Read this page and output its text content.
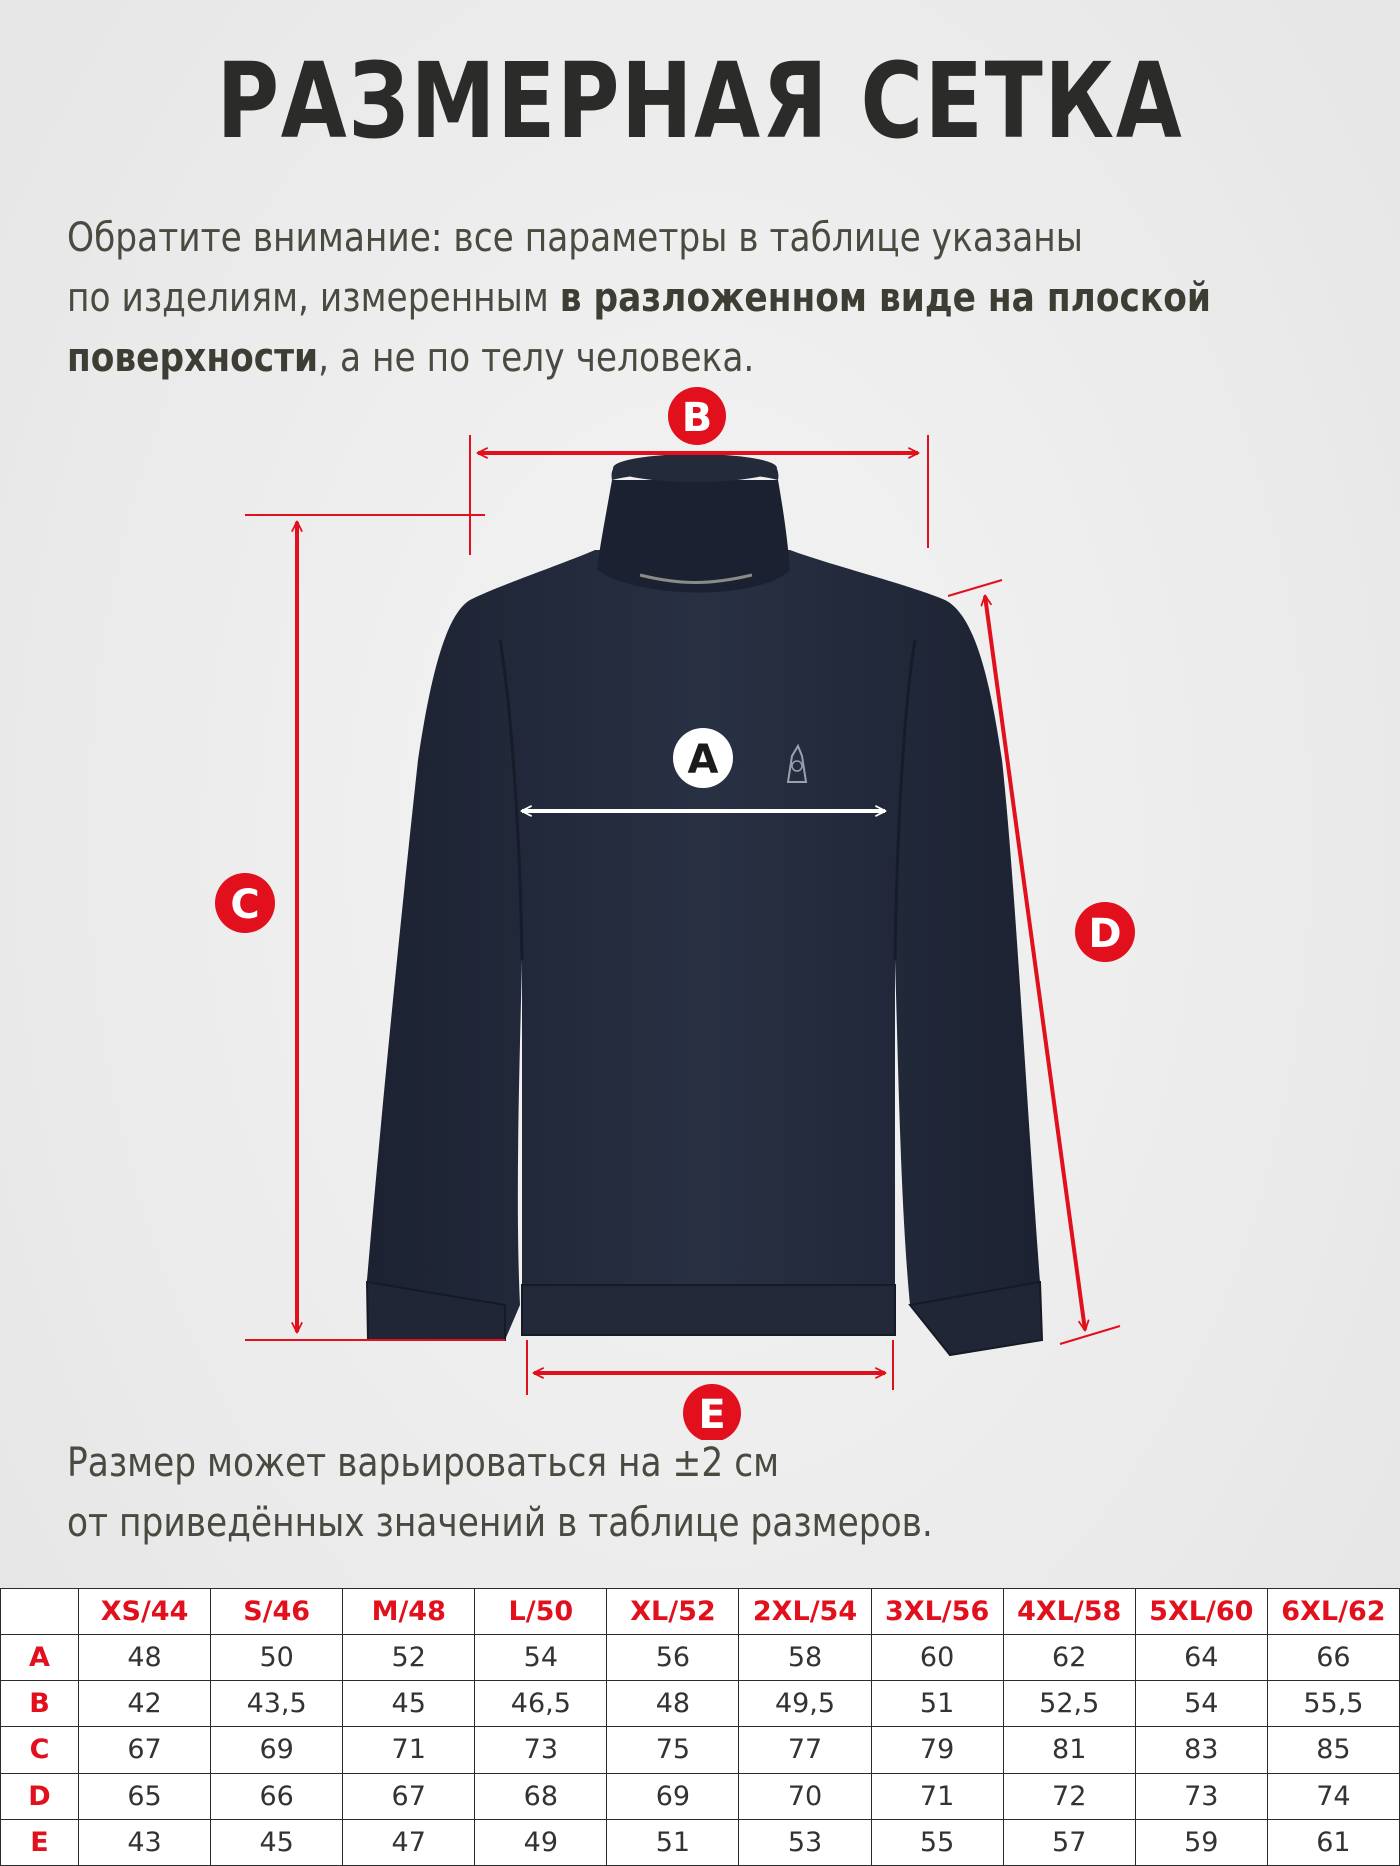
РАЗМЕРНАЯ СЕТКА
Обратите внимание: все параметры в таблице указаны
по изделиям, измеренным в разложенном виде на плоской
поверхности, а не по телу человека.
B
C
D
A
E
Размер может варьироваться на ±2 см
от приведённых значений в таблице размеров.
	XS/44	S/46	M/48	L/50	XL/52	2XL/54	3XL/56	4XL/58	5XL/60	6XL/62
A	48	50	52	54	56	58	60	62	64	66
B	42	43,5	45	46,5	48	49,5	51	52,5	54	55,5
C	67	69	71	73	75	77	79	81	83	85
D	65	66	67	68	69	70	71	72	73	74
E	43	45	47	49	51	53	55	57	59	61
